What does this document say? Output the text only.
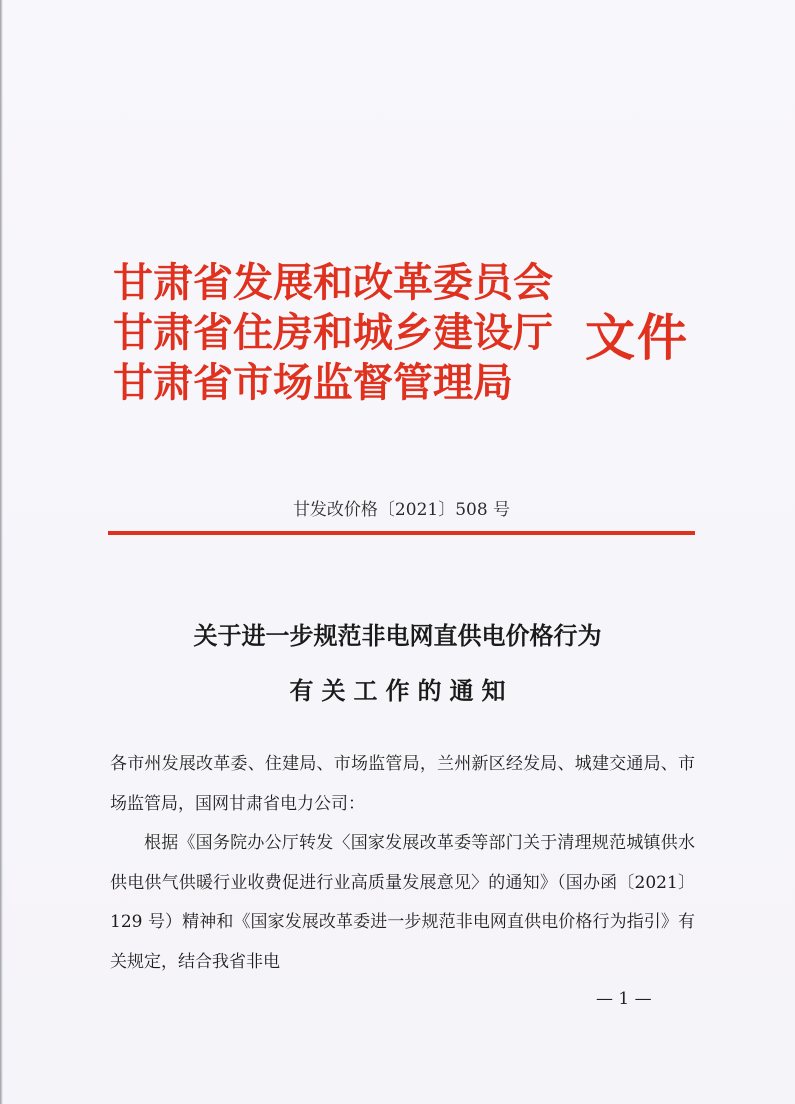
甘肃省发展和改革委员会
甘肃省住房和城乡建设厅
甘肃省市场监督管理局
文件
甘发改价格〔2021〕508 号
关于进一步规范非电网直供电价格行为
有关工作的通知

各市州发展改革委、住建局、市场监管局，兰州新区经发局、城建交通局、市场监管局，国网甘肃省电力公司：

根据《国务院办公厅转发〈国家发展改革委等部门关于清理规范城镇供水供电供气供暖行业收费促进行业高质量发展意见〉的通知》（国办函〔2021〕129 号）精神和《国家发展改革委进一步规范非电网直供电价格行为指引》有关规定，结合我省非电

— 1 —
